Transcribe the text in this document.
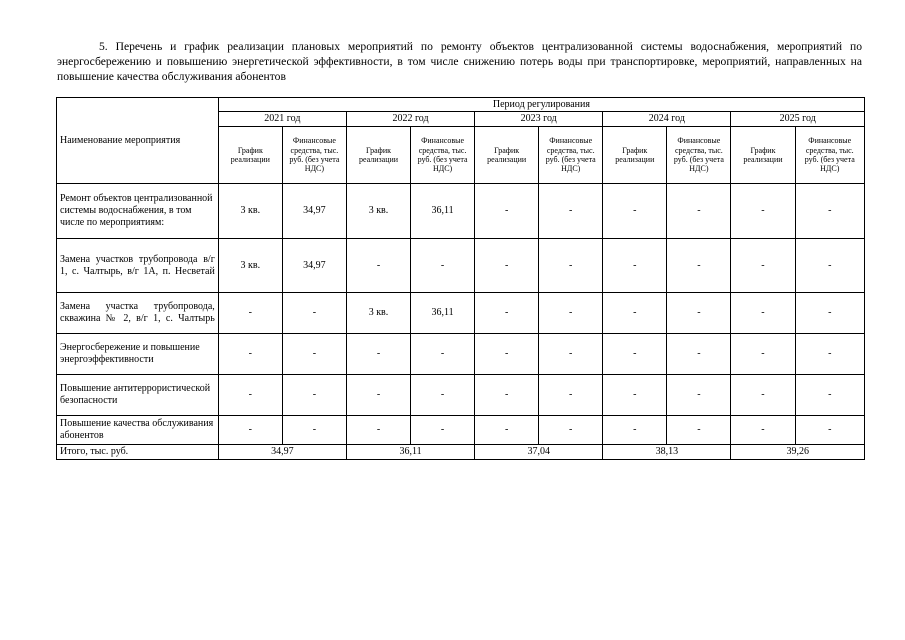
5. Перечень и график реализации плановых мероприятий по ремонту объектов централизованной системы водоснабжения, мероприятий по энергосбережению и повышению энергетической эффективности, в том числе снижению потерь воды при транспортировке, мероприятий, направленных на повышение качества обслуживания абонентов
Наименование мероприятия	Период регулирования									
	2021 год		2022 год		2023 год		2024 год		2025 год	
	График реализации	Финансовые средства, тыс. руб. (без учета НДС)	График реализации	Финансовые средства, тыс. руб. (без учета НДС)	График реализации	Финансовые средства, тыс. руб. (без учета НДС)	График реализации	Финансовые средства, тыс. руб. (без учета НДС)	График реализации	Финансовые средства, тыс. руб. (без учета НДС)
Ремонт объектов централизованной системы водоснабжения, в том числе по мероприятиям:	3 кв.	34,97	3 кв.	36,11	-	-	-	-	-	-
Замена участков трубопровода в/г 1, с. Чалтырь, в/г 1А, п. Несветай	3 кв.	34,97	-	-	-	-	-	-	-	-
Замена участка трубопровода, скважина № 2, в/г 1, с. Чалтырь	-	-	3 кв.	36,11	-	-	-	-	-	-
Энергосбережение и повышение энергоэффективности	-	-	-	-	-	-	-	-	-	-
Повышение антитеррористической безопасности	-	-	-	-	-	-	-	-	-	-
Повышение качества обслуживания абонентов	-	-	-	-	-	-	-	-	-	-
Итого, тыс. руб.	34,97		36,11		37,04		38,13		39,26	
